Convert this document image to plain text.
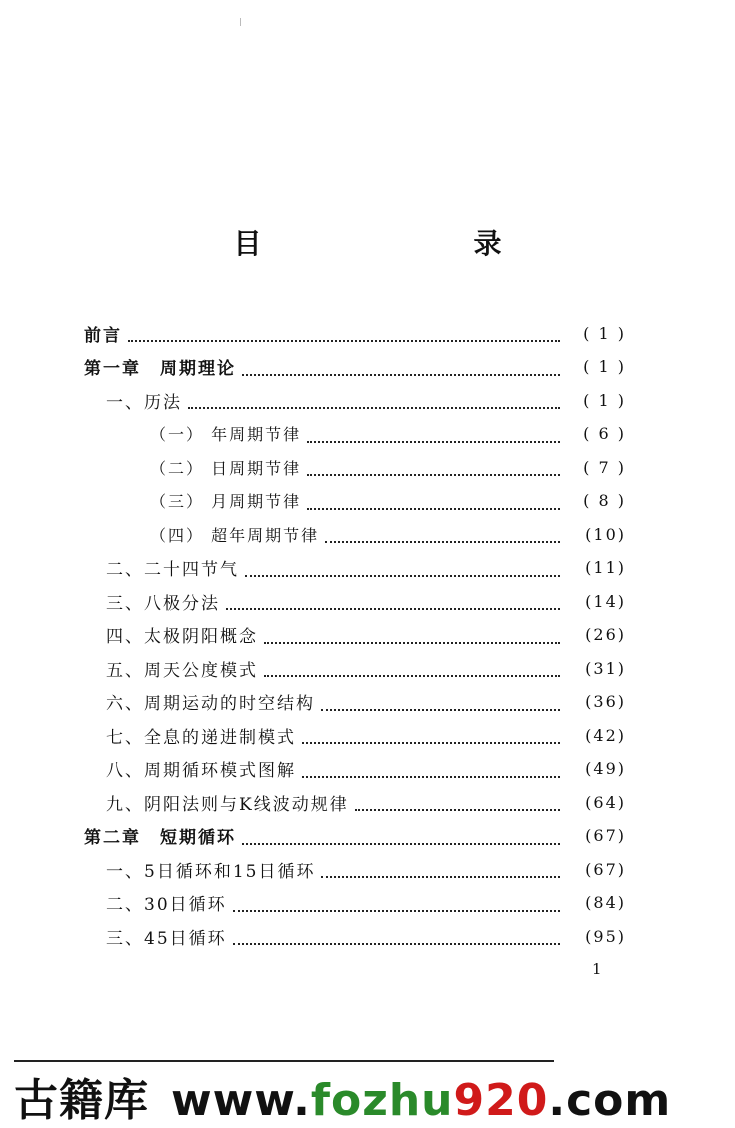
目　　录
前言	( 1 )
第一章　周期理论	( 1 )
一、历法	( 1 )
（一） 年周期节律	( 6 )
（二） 日周期节律	( 7 )
（三） 月周期节律	( 8 )
（四） 超年周期节律	(10)
二、二十四节气	(11)
三、八极分法	(14)
四、太极阴阳概念	(26)
五、周天公度模式	(31)
六、周期运动的时空结构	(36)
七、全息的递进制模式	(42)
八、周期循环模式图解	(49)
九、阴阳法则与K线波动规律	(64)
第二章　短期循环	(67)
一、5日循环和15日循环	(67)
二、30日循环	(84)
三、45日循环	(95)
1
古籍库 www.fozhu920.com
